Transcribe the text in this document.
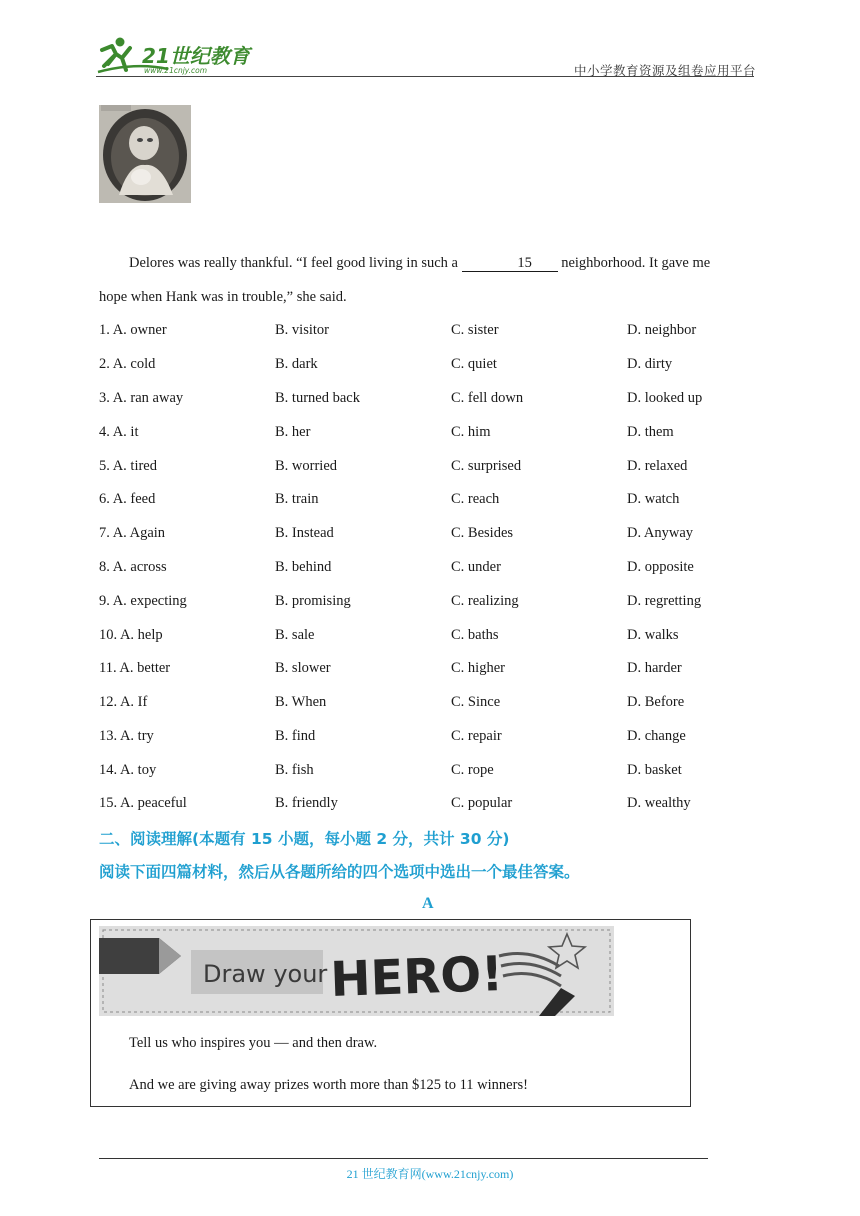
21世纪教育
www.21cnjy.com	中小学教育资源及组卷应用平台
Delores was really thankful. “I feel good living in such a	15 neighborhood. It gave me
hope when Hank was in trouble,” she said.
1. A. owner	B. visitor	C. sister	D. neighbor
2. A. cold	B. dark	C. quiet	D. dirty
3. A. ran away	B. turned back	C. fell down	D. looked up
4. A. it	B. her	C. him	D. them
5. A. tired	B. worried	C. surprised	D. relaxed
6. A. feed	B. train	C. reach	D. watch
7. A. Again	B. Instead	C. Besides	D. Anyway
8. A. across	B. behind	C. under	D. opposite
9. A. expecting	B. promising	C. realizing	D. regretting
10. A. help	B. sale	C. baths	D. walks
11. A. better	B. slower	C. higher	D. harder
12. A. If	B. When	C. Since	D. Before
13. A. try	B. find	C. repair	D. change
14. A. toy	B. fish	C. rope	D. basket
15. A. peaceful	B. friendly	C. popular	D. wealthy
二、阅读理解(本题有 15 小题，每小题 2 分，共计 30 分)
阅读下面四篇材料，然后从各题所给的四个选项中选出一个最佳答案。
A
Draw your HERO!
Tell us who inspires you — and then draw.
And we are giving away prizes worth more than $125 to 11 winners!
21 世纪教育网(www.21cnjy.com)
